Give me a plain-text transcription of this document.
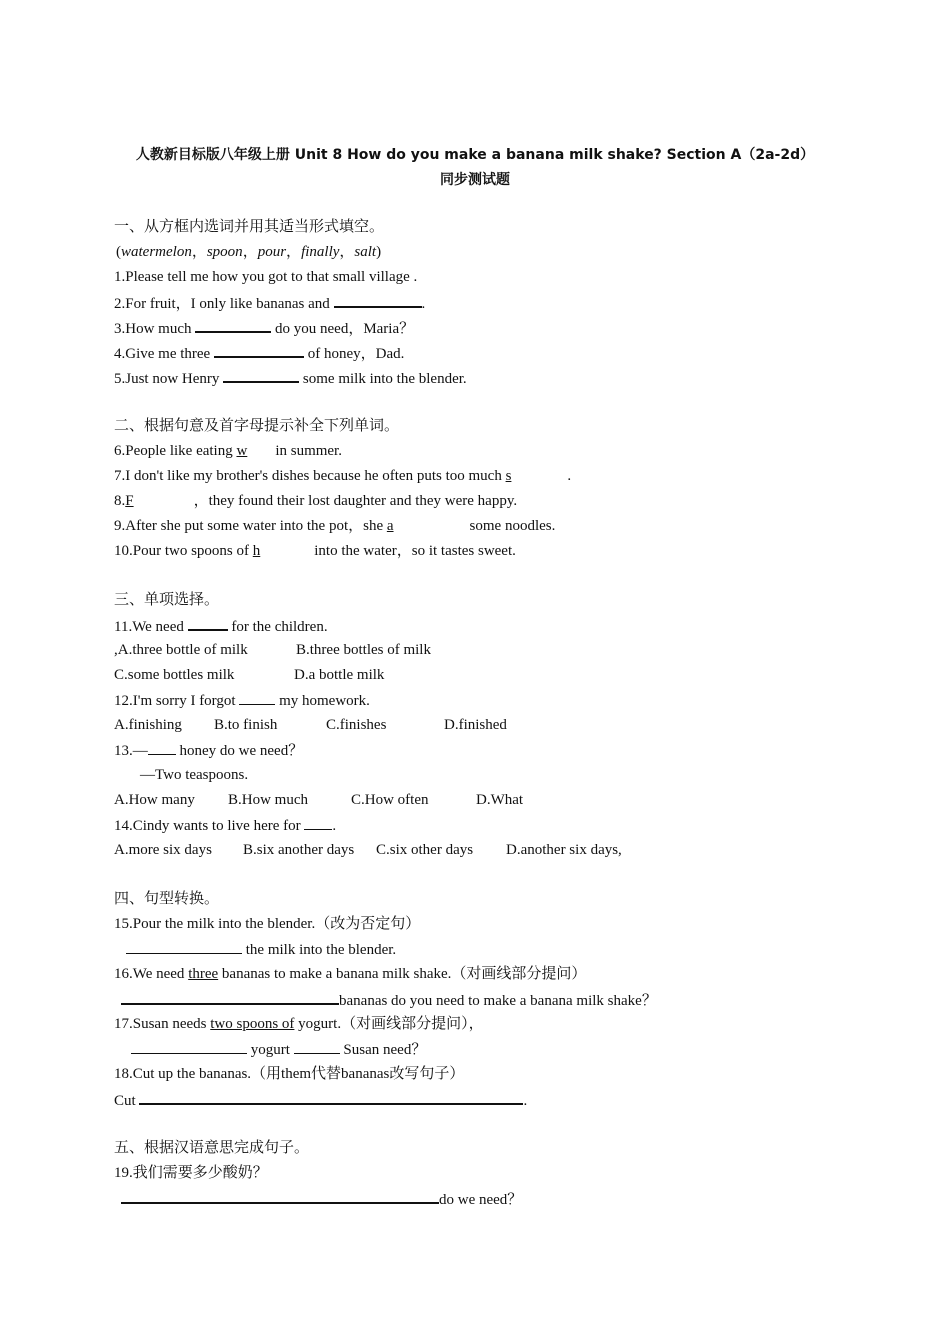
人教新目标版八年级上册 Unit 8 How do you make a banana milk shake? Section A（2a-2d）
同步测试题
一、从方框内选词并用其适当形式填空。
(watermelon，spoon，pour，finally，salt)
1.Please tell me how you got to that small village .
2.For fruit，I only like bananas and	.
3.How much	do you need，Maria？
4.Give me three	of honey，Dad.
5.Just now Henry	some milk into the blender.
二、根据句意及首字母提示补全下列单词。
6.People like eating w in summer.
7.I don't like my brother's dishes because he often puts too much s	.
8.F	，they found their lost daughter and they were happy.
9.After she put some water into the pot，she a	some noodles.
10.Pour two spoons of h	into the water，so it tastes sweet.
三、单项选择。
11.We need	for the children.
,A.three bottle of milk	B.three bottles of milk
C.some bottles milk	D.a bottle milk
12.I'm sorry I forgot	my homework.
A.finishing B.to finish	C.finishes	D.finished
13.— honey do we need？
—Two teaspoons.
A.How many B.How much	C.How often	D.What
14.Cindy wants to live here for .
A.more six days B.six another days C.six other days D.another six days,
四、句型转换。
15.Pour the milk into the blender.（改为否定句）
the milk into the blender.
16.We need three bananas to make a banana milk shake.（对画线部分提问）
bananas do you need to make a banana milk shake？
17.Susan needs two spoons of yogurt.（对画线部分提问），
yogurt	Susan need？
18.Cut up the bananas.（用them代替bananas改写句子）
Cut	.
五、根据汉语意思完成句子。
19.我们需要多少酸奶？
do we need？
